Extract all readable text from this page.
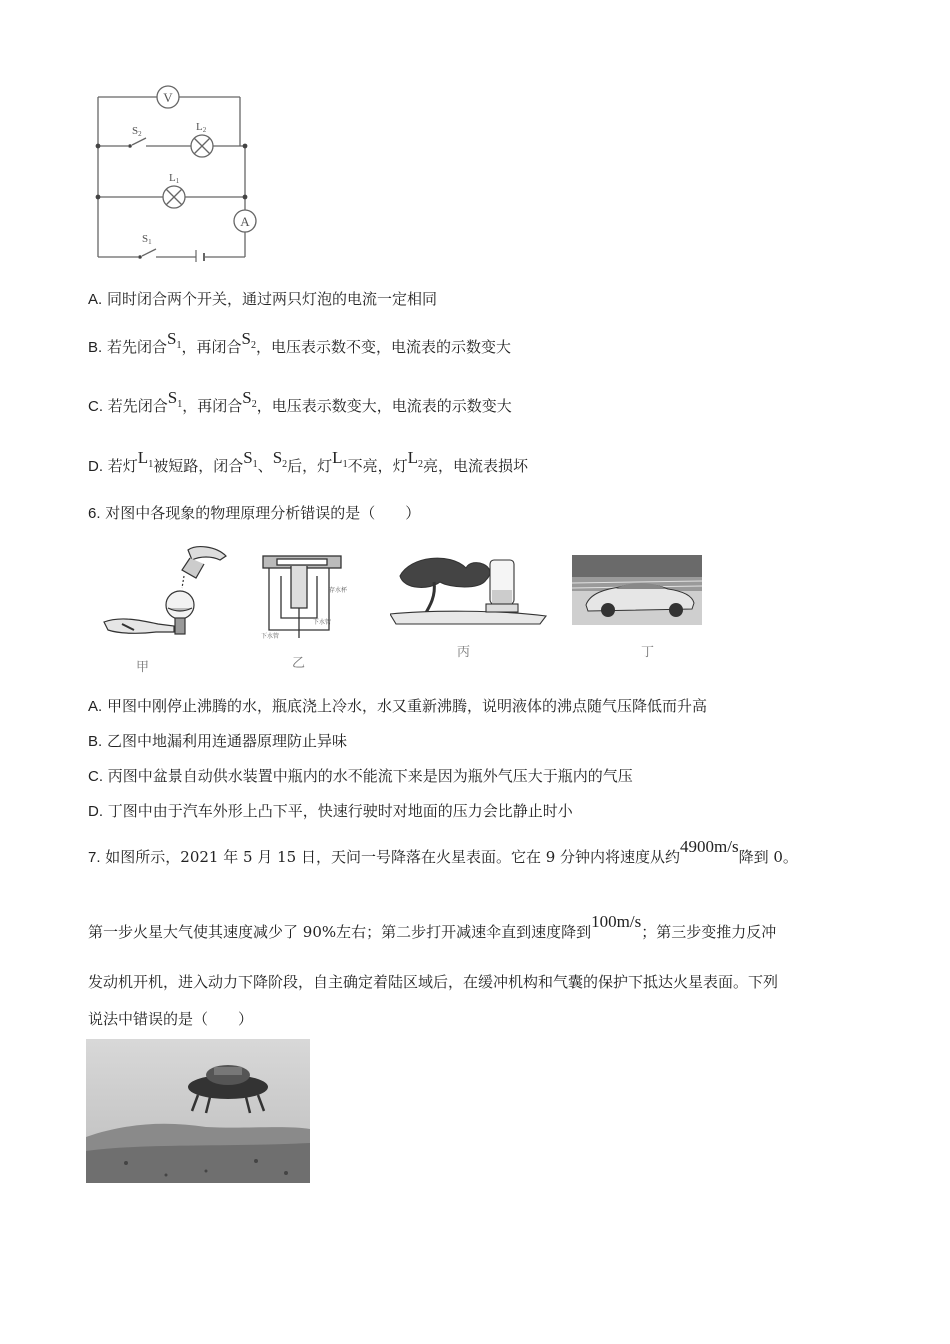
V
A
S2
L2
L1
S1
A. 同时闭合两个开关，通过两只灯泡的电流一定相同
B. 若先闭合$S^1$，再闭合$S^2$，电压表示数不变，电流表的示数变大
C. 若先闭合$S^1$，再闭合$S^2$，电压表示数变大，电流表的示数变大
D. 若灯$L^1$被短路，闭合$S^1$、$S^2$后，灯$L^1$不亮，灯$L^2$亮，电流表损坏
6. 对图中各现象的物理原理分析错误的是（　　）
存水杯
下水管
下水管
甲	乙
丙	丁
A. 甲图中刚停止沸腾的水，瓶底浇上冷水，水又重新沸腾，说明液体的沸点随气压降低而升高
B. 乙图中地漏利用连通器原理防止异味
C. 丙图中盆景自动供水装置中瓶内的水不能流下来是因为瓶外气压大于瓶内的气压
D. 丁图中由于汽车外形上凸下平，快速行驶时对地面的压力会比静止时小
7. 如图所示，2021 年 5 月 15 日，天问一号降落在火星表面。它在 9 分钟内将速度从约4900m/s降到 0。
第一步火星大气使其速度减少了 90%左右；第二步打开减速伞直到速度降到100m/s；第三步变推力反冲
发动机开机，进入动力下降阶段，自主确定着陆区域后，在缓冲机构和气囊的保护下抵达火星表面。下列
说法中错误的是（　　）
